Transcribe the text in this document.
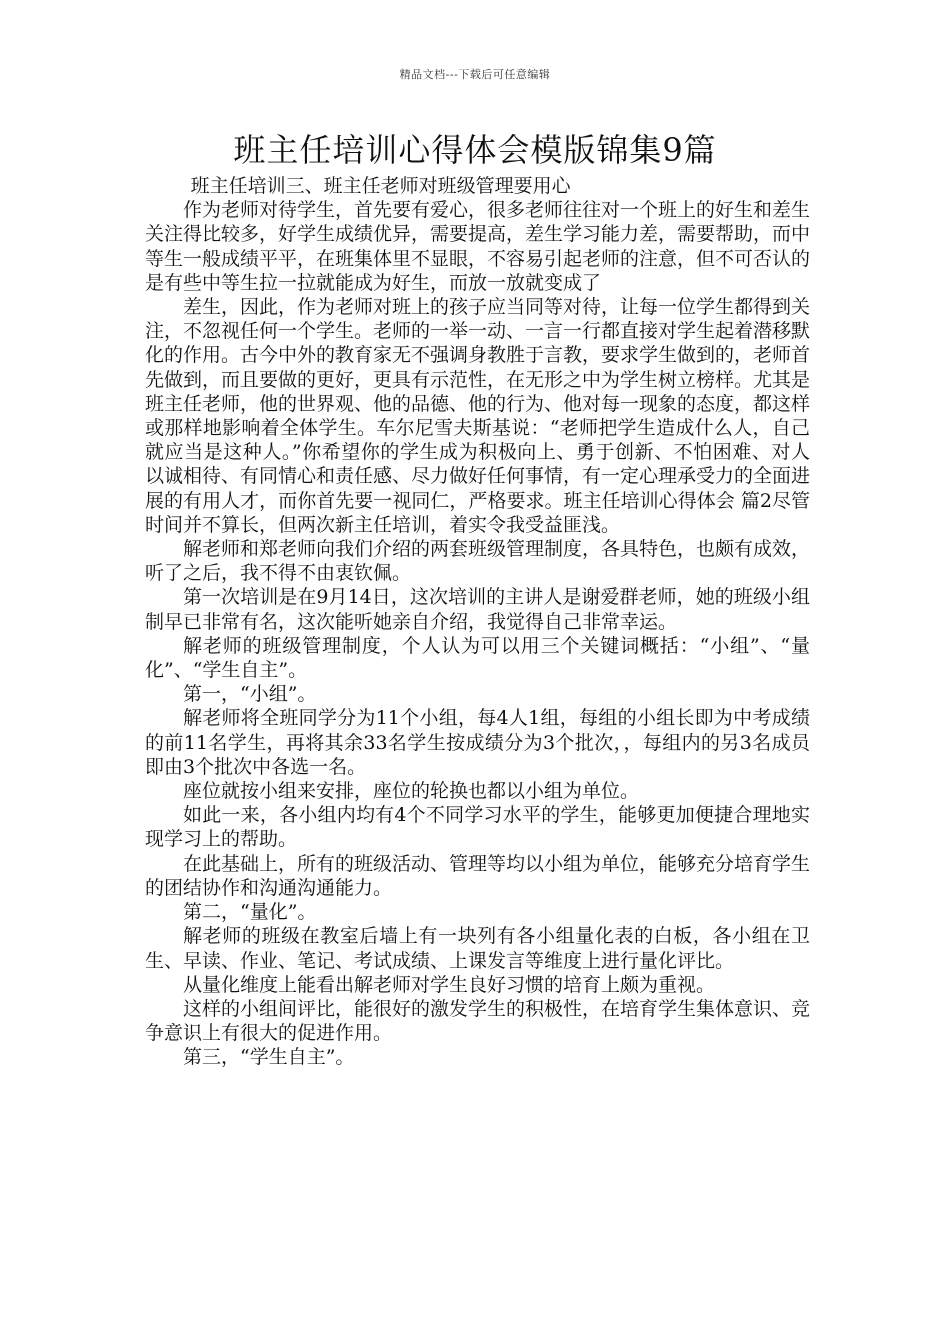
精品文档---下载后可任意编辑
班主任培训心得体会模版锦集9篇

班主任培训三、班主任老师对班级管理要用心

作为老师对待学生，首先要有爱心，很多老师往往对一个班上的好生和差生关注得比较多，好学生成绩优异，需要提高，差生学习能力差，需要帮助，而中等生一般成绩平平，在班集体里不显眼，不容易引起老师的注意，但不可否认的是有些中等生拉一拉就能成为好生，而放一放就变成了

差生，因此，作为老师对班上的孩子应当同等对待，让每一位学生都得到关注，不忽视任何一个学生。老师的一举一动、一言一行都直接对学生起着潜移默化的作用。古今中外的教育家无不强调身教胜于言教，要求学生做到的，老师首先做到，而且要做的更好，更具有示范性，在无形之中为学生树立榜样。尤其是班主任老师，他的世界观、他的品德、他的行为、他对每一现象的态度，都这样或那样地影响着全体学生。车尔尼雪夫斯基说：“老师把学生造成什么人，自己就应当是这种人。”你希望你的学生成为积极向上、勇于创新、不怕困难、对人以诚相待、有同情心和责任感、尽力做好任何事情，有一定心理承受力的全面进展的有用人才，而你首先要一视同仁，严格要求。班主任培训心得体会 篇2尽管时间并不算长，但两次新主任培训，着实令我受益匪浅。

解老师和郑老师向我们介绍的两套班级管理制度，各具特色，也颇有成效，听了之后，我不得不由衷钦佩。

第一次培训是在9月14日，这次培训的主讲人是谢爱群老师，她的班级小组制早已非常有名，这次能听她亲自介绍，我觉得自己非常幸运。

解老师的班级管理制度，个人认为可以用三个关键词概括：“小组”、“量化”、“学生自主”。

第一，“小组”。

解老师将全班同学分为11个小组，每4人1组，每组的小组长即为中考成绩的前11名学生，再将其余33名学生按成绩分为3个批次，，每组内的另3名成员即由3个批次中各选一名。

座位就按小组来安排，座位的轮换也都以小组为单位。

如此一来，各小组内均有4个不同学习水平的学生，能够更加便捷合理地实现学习上的帮助。

在此基础上，所有的班级活动、管理等均以小组为单位，能够充分培育学生的团结协作和沟通沟通能力。

第二，“量化”。

解老师的班级在教室后墙上有一块列有各小组量化表的白板，各小组在卫生、早读、作业、笔记、考试成绩、上课发言等维度上进行量化评比。

从量化维度上能看出解老师对学生良好习惯的培育上颇为重视。

这样的小组间评比，能很好的激发学生的积极性，在培育学生集体意识、竞争意识上有很大的促进作用。

第三，“学生自主”。
